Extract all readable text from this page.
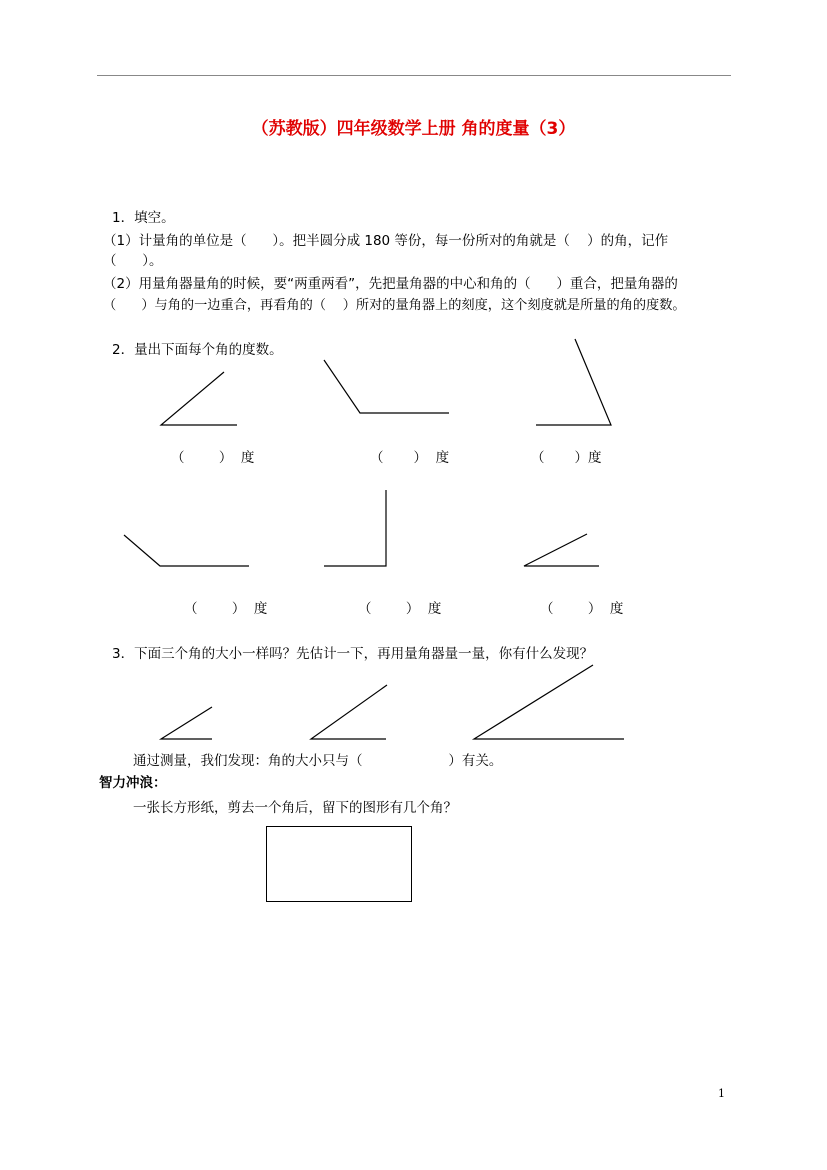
（苏教版）四年级数学上册 角的度量（3）
1．填空。
（1）计量角的单位是（      ）。把半圆分成 180 等份，每一份所对的角就是（    ）的角，记作
（      ）。
（2）用量角器量角的时候，要“两重两看”，先把量角器的中心和角的（      ）重合，把量角器的
（      ）与角的一边重合，再看角的（    ）所对的量角器上的刻度，这个刻度就是所量的角的度数。
2．量出下面每个角的度数。
（        ）  度	（       ）  度	（       ）度
（        ）  度	（        ）  度	（        ）  度
3．下面三个角的大小一样吗？先估计一下，再用量角器量一量，你有什么发现？
通过测量，我们发现：角的大小只与（                    ）有关。
智力冲浪：
一张长方形纸，剪去一个角后，留下的图形有几个角？
1
